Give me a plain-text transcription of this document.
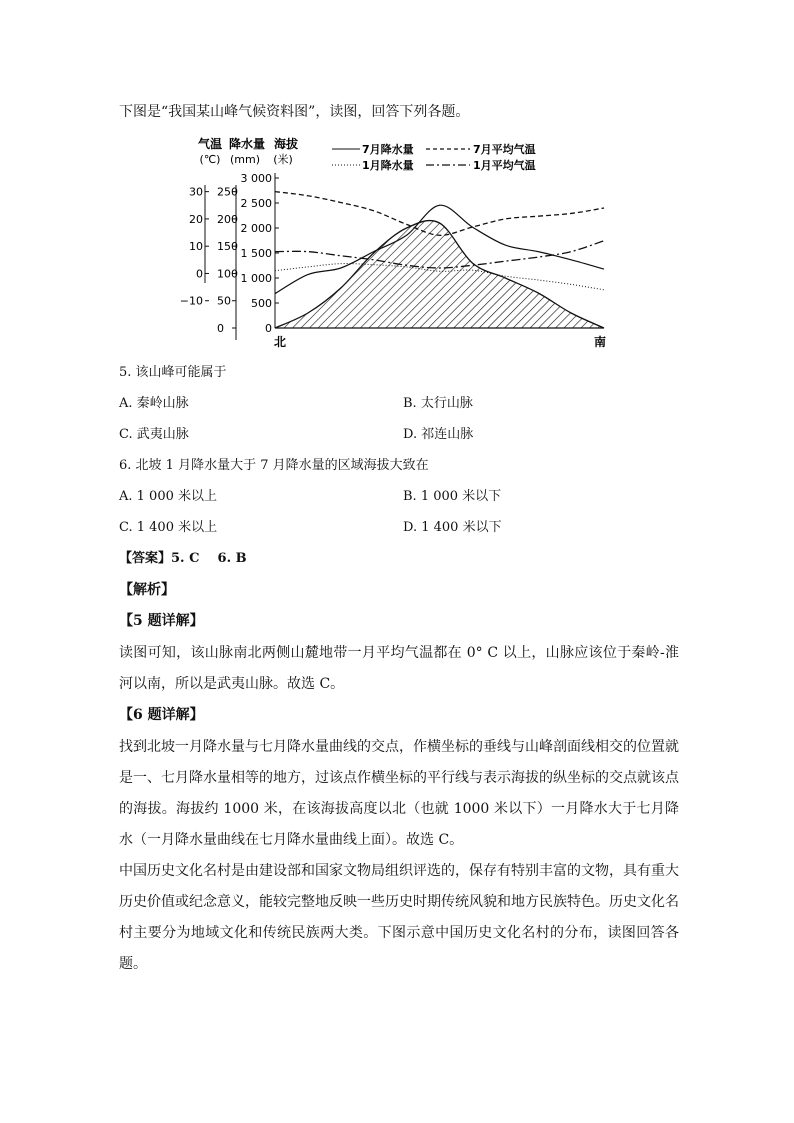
下图是“我国某山峰气候资料图”，读图，回答下列各题。
气温
(℃)
降水量
(mm)
海拔
(米)
7月降水量	7月平均气温
1月降水量	1月平均气温
30
20
10
0
−10
250
200
150
100
50
0
3 000
2 500
2 000
1 500
1 000
500
0
北	南
5. 该山峰可能属于
A. 秦岭山脉	B. 太行山脉
C. 武夷山脉	D. 祁连山脉
6. 北坡 1 月降水量大于 7 月降水量的区域海拔大致在
A. 1 000 米以上	B. 1 000 米以下
C. 1 400 米以上	D. 1 400 米以下
【答案】5. C    6. B
【解析】
【5 题详解】
读图可知，该山脉南北两侧山麓地带一月平均气温都在 0° C 以上，山脉应该位于秦岭-淮河以南，所以是武夷山脉。故选 C。
【6 题详解】
找到北坡一月降水量与七月降水量曲线的交点，作横坐标的垂线与山峰剖面线相交的位置就是一、七月降水量相等的地方，过该点作横坐标的平行线与表示海拔的纵坐标的交点就该点的海拔。海拔约 1000 米，在该海拔高度以北（也就 1000 米以下）一月降水大于七月降水（一月降水量曲线在七月降水量曲线上面）。故选 C。
中国历史文化名村是由建设部和国家文物局组织评选的，保存有特别丰富的文物，具有重大历史价值或纪念意义，能较完整地反映一些历史时期传统风貌和地方民族特色。历史文化名村主要分为地域文化和传统民族两大类。下图示意中国历史文化名村的分布，读图回答各题。
